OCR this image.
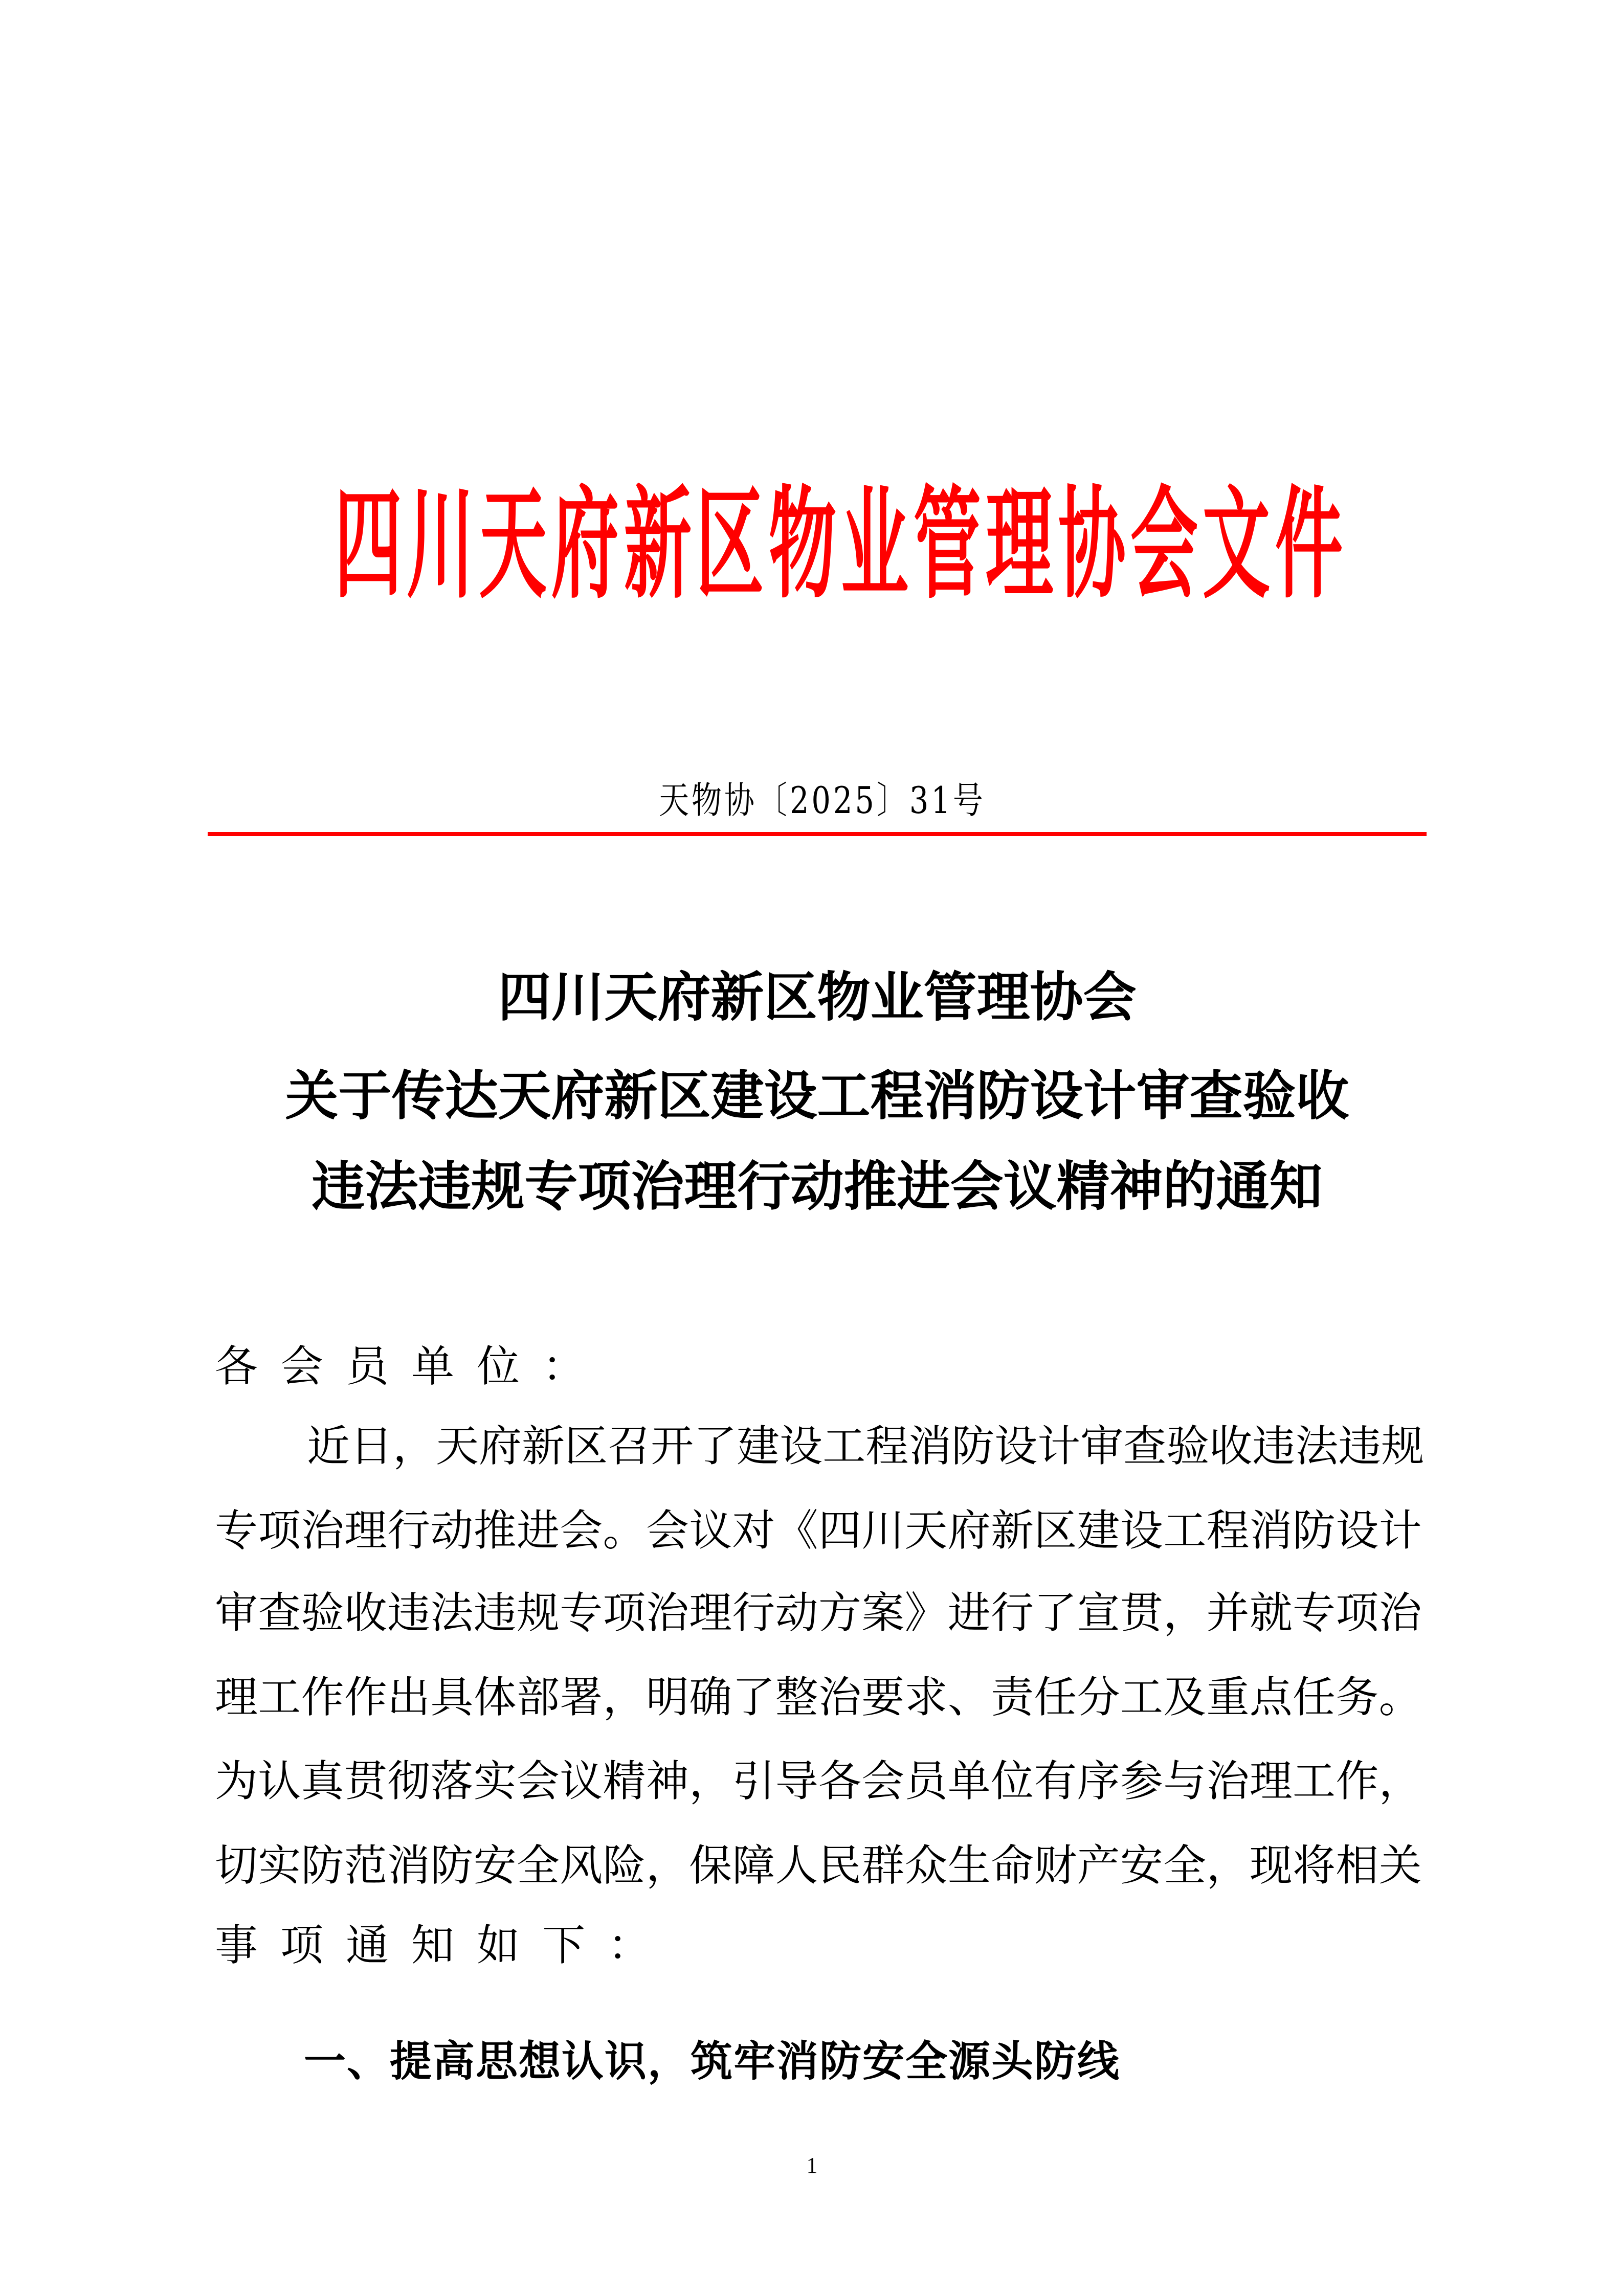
四 川 天 府 新 区 物 业 管 理 协 会 文 件
天物协〔2025〕31号
四川天府新区物业管理协会
关于传达天府新区建设工程消防设计审查验收
违法违规专项治理行动推进会议精神的通知
各 会 员 单 位 ：
近 日 ， 天 府 新 区 召 开 了 建 设 工 程 消 防 设 计 审 查 验 收 违 法 违 规
专 项 治 理 行 动 推 进 会 。 会 议 对 《 四 川 天 府 新 区 建 设 工 程 消 防 设 计
审 查 验 收 违 法 违 规 专 项 治 理 行 动 方 案 》 进 行 了 宣 贯 ， 并 就 专 项 治
理 工 作 作 出 具 体 部 署 ， 明 确 了 整 治 要 求 、 责 任 分 工 及 重 点 任 务 。
为 认 真 贯 彻 落 实 会 议 精 神 ， 引 导 各 会 员 单 位 有 序 参 与 治 理 工 作 ，
切 实 防 范 消 防 安 全 风 险 ， 保 障 人 民 群 众 生 命 财 产 安 全 ， 现 将 相 关
事 项 通 知 如 下 ：
一、提高思想认识，筑牢消防安全源头防线
1
